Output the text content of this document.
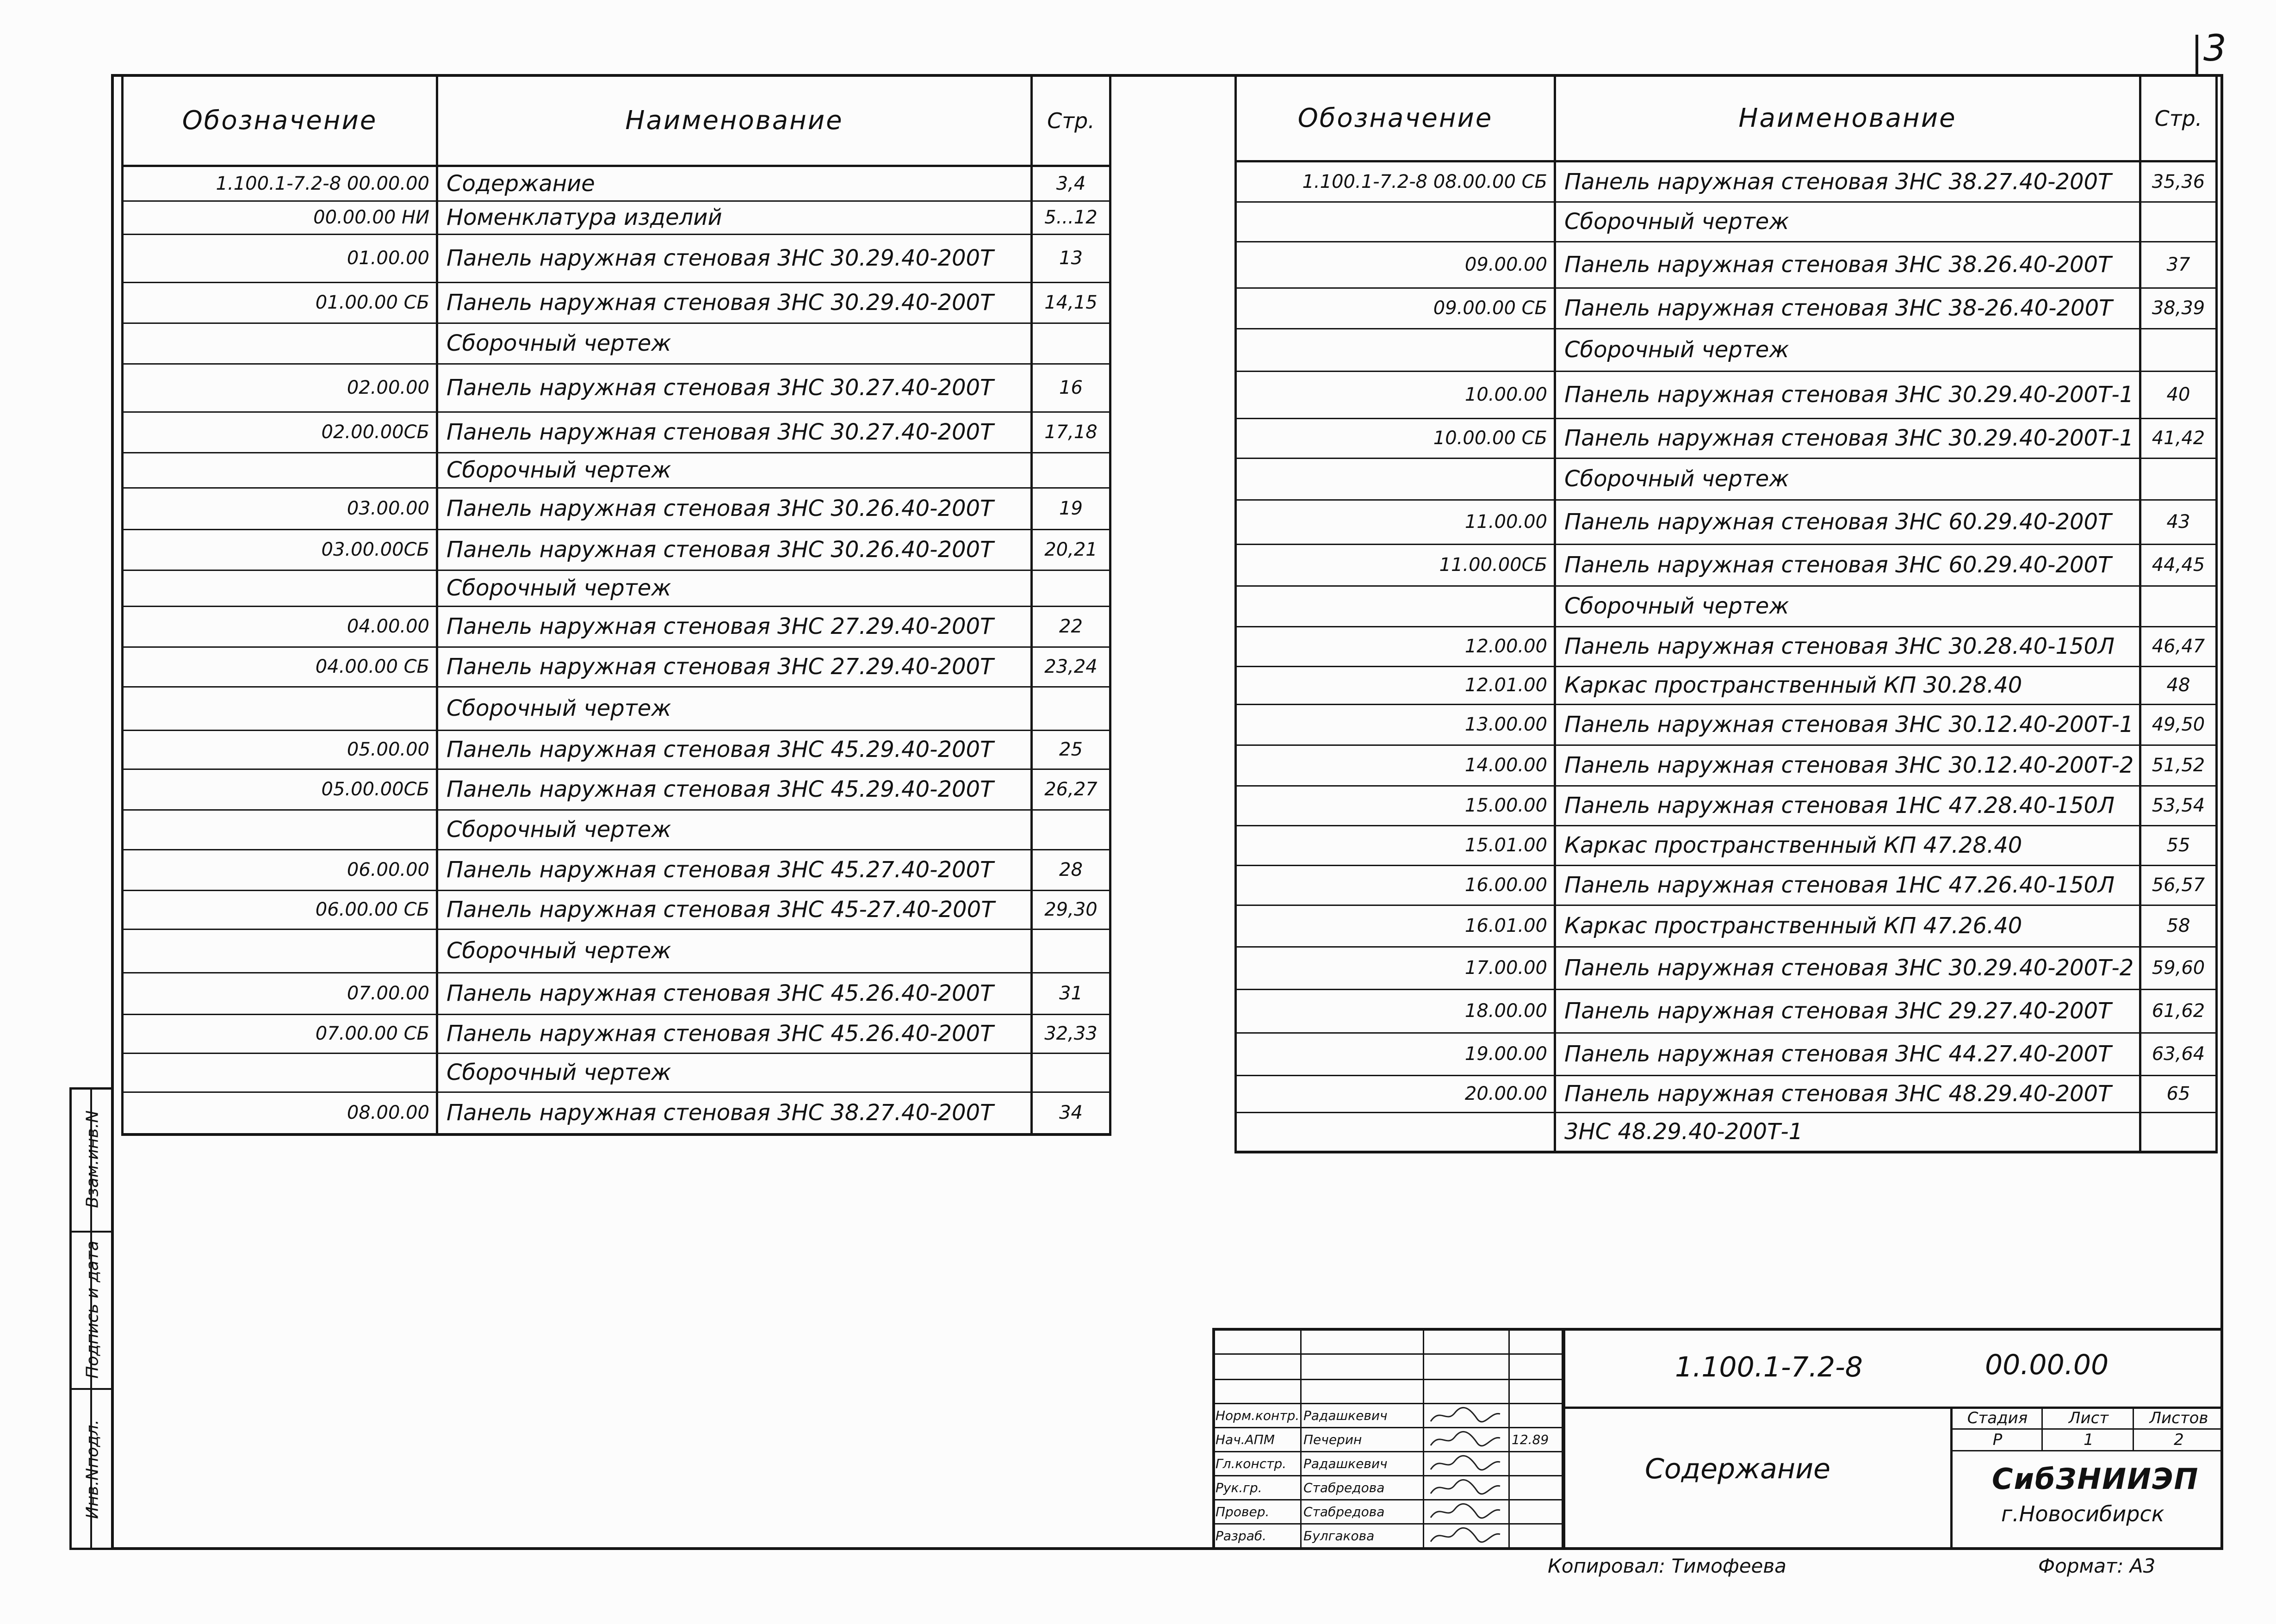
3
Взам.инв.N
Подпись и дата
Инв.Nподл.
Обозначение	Наименование	Стр.
1.100.1-7.2-8 00.00.00	Содержание	3,4
00.00.00 НИ	Номенклатура изделий	5...12
01.00.00	Панель наружная стеновая 3НС 30.29.40-200Т	13
01.00.00 СБ	Панель наружная стеновая 3НС 30.29.40-200Т	14,15
	Сборочный чертеж	
02.00.00	Панель наружная стеновая 3НС 30.27.40-200Т	16
02.00.00СБ	Панель наружная стеновая 3НС 30.27.40-200Т	17,18
	Сборочный чертеж	
03.00.00	Панель наружная стеновая 3НС 30.26.40-200Т	19
03.00.00СБ	Панель наружная стеновая 3НС 30.26.40-200Т	20,21
	Сборочный чертеж	
04.00.00	Панель наружная стеновая 3НС 27.29.40-200Т	22
04.00.00 СБ	Панель наружная стеновая 3НС 27.29.40-200Т	23,24
	Сборочный чертеж	
05.00.00	Панель наружная стеновая 3НС 45.29.40-200Т	25
05.00.00СБ	Панель наружная стеновая 3НС 45.29.40-200Т	26,27
	Сборочный чертеж	
06.00.00	Панель наружная стеновая 3НС 45.27.40-200Т	28
06.00.00 СБ	Панель наружная стеновая 3НС 45-27.40-200Т	29,30
	Сборочный чертеж	
07.00.00	Панель наружная стеновая 3НС 45.26.40-200Т	31
07.00.00 СБ	Панель наружная стеновая 3НС 45.26.40-200Т	32,33
	Сборочный чертеж	
08.00.00	Панель наружная стеновая 3НС 38.27.40-200Т	34
Обозначение	Наименование	Стр.
1.100.1-7.2-8 08.00.00 СБ	Панель наружная стеновая 3НС 38.27.40-200Т	35,36
	Сборочный чертеж	
09.00.00	Панель наружная стеновая 3НС 38.26.40-200Т	37
09.00.00 СБ	Панель наружная стеновая 3НС 38-26.40-200Т	38,39
	Сборочный чертеж	
10.00.00	Панель наружная стеновая 3НС 30.29.40-200Т-1	40
10.00.00 СБ	Панель наружная стеновая 3НС 30.29.40-200Т-1	41,42
	Сборочный чертеж	
11.00.00	Панель наружная стеновая 3НС 60.29.40-200Т	43
11.00.00СБ	Панель наружная стеновая 3НС 60.29.40-200Т	44,45
	Сборочный чертеж	
12.00.00	Панель наружная стеновая 3НС 30.28.40-150Л	46,47
12.01.00	Каркас пространственный КП 30.28.40	48
13.00.00	Панель наружная стеновая 3НС 30.12.40-200Т-1	49,50
14.00.00	Панель наружная стеновая 3НС 30.12.40-200Т-2	51,52
15.00.00	Панель наружная стеновая 1НС 47.28.40-150Л	53,54
15.01.00	Каркас пространственный КП 47.28.40	55
16.00.00	Панель наружная стеновая 1НС 47.26.40-150Л	56,57
16.01.00	Каркас пространственный КП 47.26.40	58
17.00.00	Панель наружная стеновая 3НС 30.29.40-200Т-2	59,60
18.00.00	Панель наружная стеновая 3НС 29.27.40-200Т	61,62
19.00.00	Панель наружная стеновая 3НС 44.27.40-200Т	63,64
20.00.00	Панель наружная стеновая 3НС 48.29.40-200Т	65
	3НС 48.29.40-200Т-1	
Норм.контр. Радашкевич
Нач.АПМ	Печерин	12.89
Гл.констр.	Радашкевич
Рук.гр.	Стабредова
Провер.	Стабредова
Разраб.	Булгакова
1.100.1-7.2-8	00.00.00
Содержание
Стадия	Лист	Листов
Р	1	2
СибЗНИИЭП
г.Новосибирск
Копировал: Тимофеева	Формат: А3
